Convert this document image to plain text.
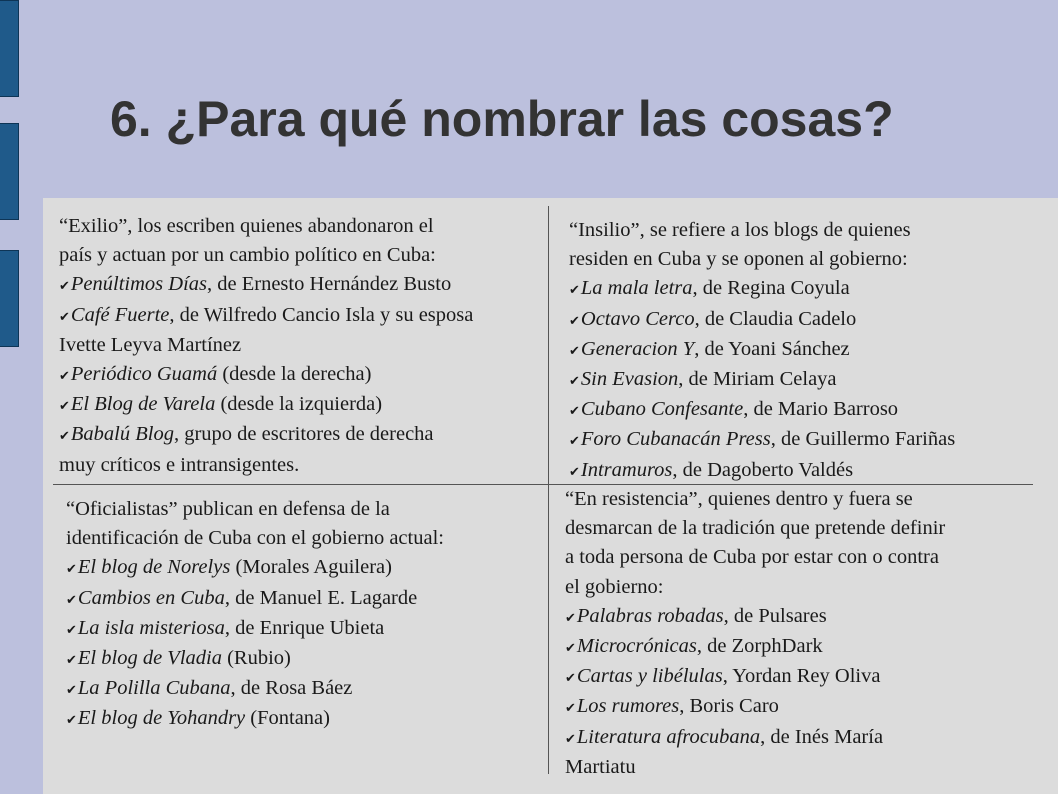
6. ¿Para qué nombrar las cosas?
“Exilio”, los escriben quienes abandonaron el
país y actuan por un cambio político en Cuba:
✔Penúltimos Días, de Ernesto Hernández Busto
✔Café Fuerte, de Wilfredo Cancio Isla y su esposa
Ivette Leyva Martínez
✔Periódico Guamá (desde la derecha)
✔El Blog de Varela (desde la izquierda)
✔Babalú Blog, grupo de escritores de derecha
muy críticos e intransigentes.
“Insilio”, se refiere a los blogs de quienes
residen en Cuba y se oponen al gobierno:
✔La mala letra, de Regina Coyula
✔Octavo Cerco, de Claudia Cadelo
✔Generacion Y, de Yoani Sánchez
✔Sin Evasion, de Miriam Celaya
✔Cubano Confesante, de Mario Barroso
✔Foro Cubanacán Press, de Guillermo Fariñas
✔Intramuros, de Dagoberto Valdés
“Oficialistas” publican en defensa de la
identificación de Cuba con el gobierno actual:
✔El blog de Norelys (Morales Aguilera)
✔Cambios en Cuba, de Manuel E. Lagarde
✔La isla misteriosa, de Enrique Ubieta
✔El blog de Vladia (Rubio)
✔La Polilla Cubana, de Rosa Báez
✔El blog de Yohandry (Fontana)
“En resistencia”, quienes dentro y fuera se
desmarcan de la tradición que pretende definir
a toda persona de Cuba por estar con o contra
el gobierno:
✔Palabras robadas, de Pulsares
✔Microcrónicas, de ZorphDark
✔Cartas y libélulas, Yordan Rey Oliva
✔Los rumores, Boris Caro
✔Literatura afrocubana, de Inés María
Martiatu
